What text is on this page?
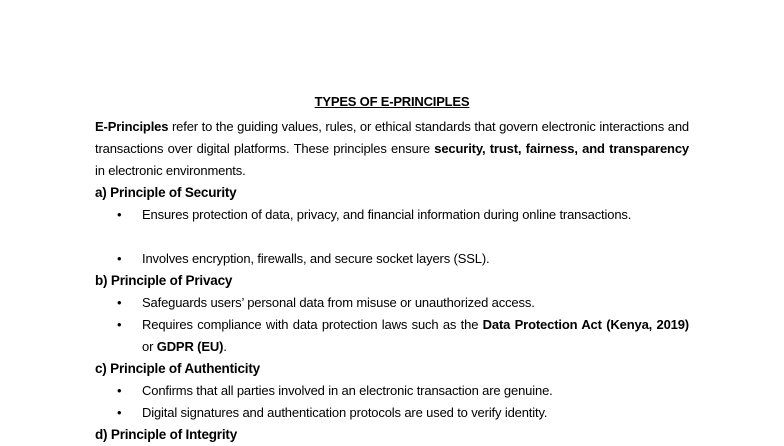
TYPES OF E-PRINCIPLES
E-Principles refer to the guiding values, rules, or ethical standards that govern electronic interactions and transactions over digital platforms. These principles ensure security, trust, fairness, and transparency in electronic environments.
a) Principle of Security
• Ensures protection of data, privacy, and financial information during online transactions.
• Involves encryption, firewalls, and secure socket layers (SSL).
b) Principle of Privacy
• Safeguards users’ personal data from misuse or unauthorized access.
• Requires compliance with data protection laws such as the Data Protection Act (Kenya, 2019) or GDPR (EU).
c) Principle of Authenticity
• Confirms that all parties involved in an electronic transaction are genuine.
• Digital signatures and authentication protocols are used to verify identity.
d) Principle of Integrity
